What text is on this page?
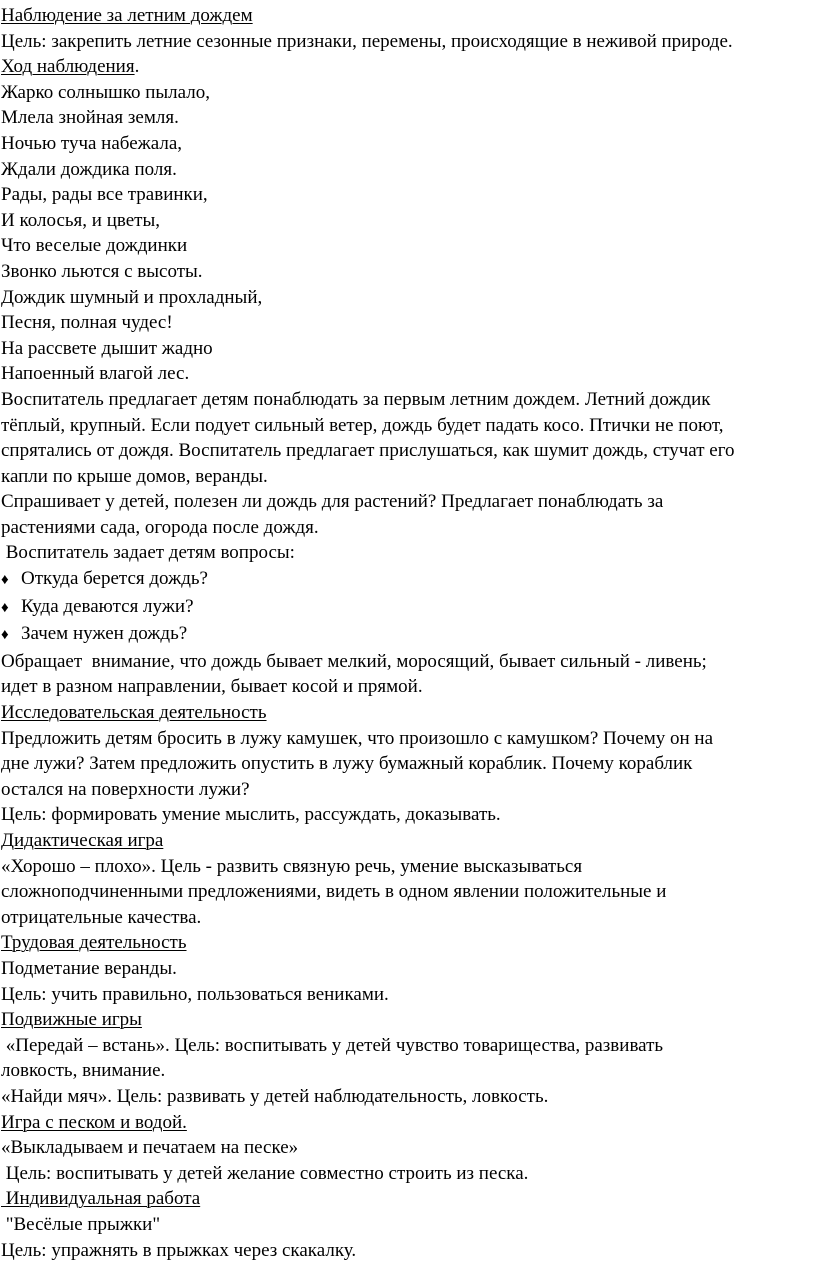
Наблюдение за летним дождем
Цель: закрепить летние сезонные признаки, перемены, происходящие в неживой природе.
Ход наблюдения.
Жарко солнышко пылало,
Млела знойная земля.
Ночью туча набежала,
Ждали дождика поля.
Рады, рады все травинки,
И колосья, и цветы,
Что веселые дождинки
Звонко льются с высоты.
Дождик шумный и прохладный,
Песня, полная чудес!
На рассвете дышит жадно
Напоенный влагой лес.
Воспитатель предлагает детям понаблюдать за первым летним дождем. Летний дождик
тёплый, крупный. Если подует сильный ветер, дождь будет падать косо. Птички не поют,
спрятались от дождя. Воспитатель предлагает прислушаться, как шумит дождь, стучат его
капли по крыше домов, веранды.
Спрашивает у детей, полезен ли дождь для растений? Предлагает понаблюдать за
растениями сада, огорода после дождя.
Воспитатель задает детям вопросы:
♦ Откуда берется дождь?
♦ Куда деваются лужи?
♦ Зачем нужен дождь?
Обращает  внимание, что дождь бывает мелкий, моросящий, бывает сильный - ливень;
идет в разном направлении, бывает косой и прямой.
Исследовательская деятельность
Предложить детям бросить в лужу камушек, что произошло с камушком? Почему он на
дне лужи? Затем предложить опустить в лужу бумажный кораблик. Почему кораблик
остался на поверхности лужи?
Цель: формировать умение мыслить, рассуждать, доказывать.
Дидактическая игра
«Хорошо – плохо». Цель - развить связную речь, умение высказываться
сложноподчиненными предложениями, видеть в одном явлении положительные и
отрицательные качества.
Трудовая деятельность
Подметание веранды.
Цель: учить правильно, пользоваться вениками.
Подвижные игры
«Передай – встань». Цель: воспитывать у детей чувство товарищества, развивать
ловкость, внимание.
«Найди мяч». Цель: развивать у детей наблюдательность, ловкость.
Игра с песком и водой.
«Выкладываем и печатаем на песке»
Цель: воспитывать у детей желание совместно строить из песка.
Индивидуальная работа
"Весёлые прыжки"
Цель: упражнять в прыжках через скакалку.
